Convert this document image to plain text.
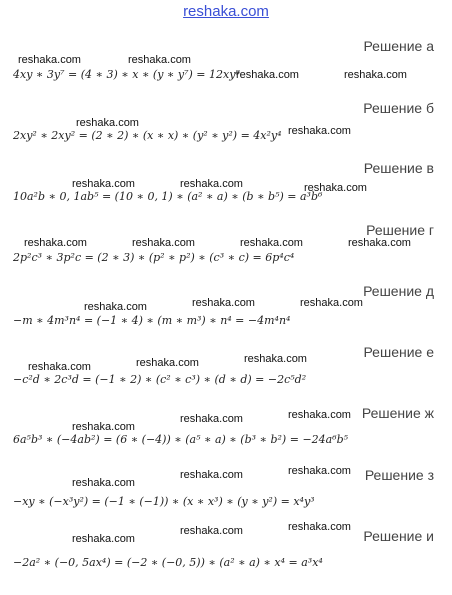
reshaka.com
Решение а
reshaka.com	reshaka.com
4xy ∗ 3y⁷ = (4 ∗ 3) ∗ x ∗ (y ∗ y⁷) = 12xy⁸
reshaka.com	reshaka.com
Решение б
reshaka.com
2xy² ∗ 2xy² = (2 ∗ 2) ∗ (x ∗ x) ∗ (y² ∗ y²) = 4x²y⁴ reshaka.com
Решение в
reshaka.com	reshaka.com
10a²b ∗ 0, 1ab⁵ = (10 ∗ 0, 1) ∗ (a² ∗ a) ∗ (b ∗ b⁵) = a³b⁶
reshaka.com
Решение г
reshaka.com	reshaka.com	reshaka.com	reshaka.com
2p²c³ ∗ 3p²c = (2 ∗ 3) ∗ (p² ∗ p²) ∗ (c³ ∗ c) = 6p⁴c⁴
Решение д
reshaka.com	reshaka.com
reshaka.com
−m ∗ 4m³n⁴ = (−1 ∗ 4) ∗ (m ∗ m³) ∗ n⁴ = −4m⁴n⁴
Решение е
reshaka.com
reshaka.com
reshaka.com
−c²d ∗ 2c³d = (−1 ∗ 2) ∗ (c² ∗ c³) ∗ (d ∗ d) = −2c⁵d²
Решение ж
reshaka.com
reshaka.com
reshaka.com
6a⁵b³ ∗ (−4ab²) = (6 ∗ (−4)) ∗ (a⁵ ∗ a) ∗ (b³ ∗ b²) = −24a⁶b⁵
Решение з
reshaka.com
reshaka.com
reshaka.com
−xy ∗ (−x³y²) = (−1 ∗ (−1)) ∗ (x ∗ x³) ∗ (y ∗ y²) = x⁴y³
Решение и
reshaka.com
reshaka.com
reshaka.com
−2a² ∗ (−0, 5ax⁴) = (−2 ∗ (−0, 5)) ∗ (a² ∗ a) ∗ x⁴ = a³x⁴
